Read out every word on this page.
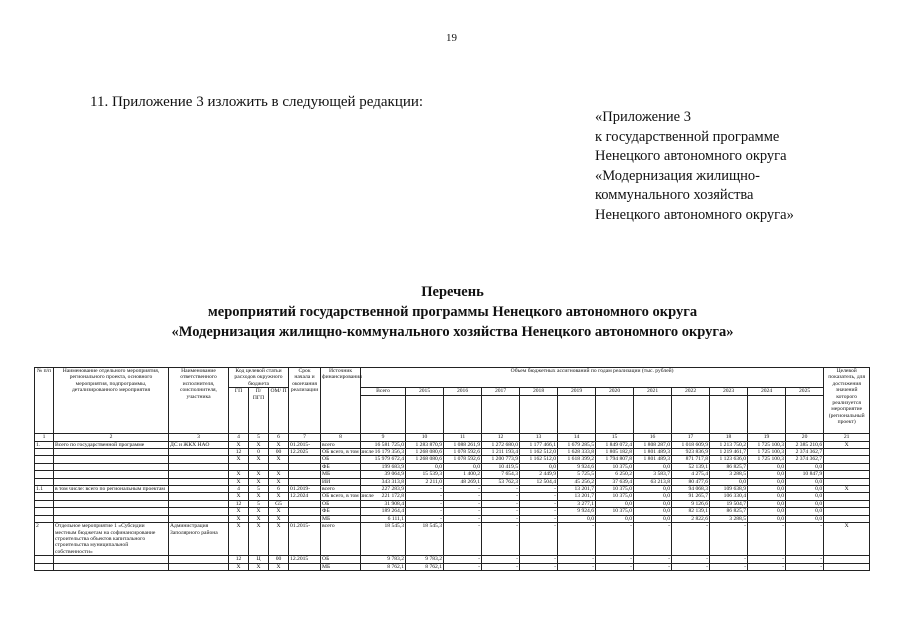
19
11. Приложение 3 изложить в следующей редакции:
«Приложение 3
к государственной программе
Ненецкого автономного округа
«Модернизация жилищно-
коммунального хозяйства
Ненецкого автономного округа»
Перечень
мероприятий государственной программы Ненецкого автономного округа
«Модернизация жилищно-коммунального хозяйства Ненецкого автономного округа»
№ п/п	Наименование отдельного мероприятия, регионального проекта, основного мероприятия, подпрограммы, детализированного мероприятия	Наименование ответственного исполнителя, соисполнителя, участника	Код целевой статьи расходов окружного бюджета			Срок начала и окончания реализации	Источник финансирования	Объем бюджетных ассигнований по годам реализации (тыс. рублей)												Целевой показатель, для достижения значений которого реализуется мероприятие (региональный проект)
			ГП	П/ ПГП	ОМ/ П			Всего	2015	2016	2017	2018	2019	2020	2021	2022	2023	2024	2025	

1	2	3	4	5	6	7	8	9	10	11	12	13	14	15	16	17	18	19	20	21
1.	Всего по государственной программе	ДС и ЖКХ НАО	Х	Х	Х	01.2015-	всего	16 581 725,0	1 283 870,9	1 088 261,9	1 272 680,0	1 177 466,1	1 679 285,5	1 849 072,4	1 808 287,0	1 018 609,9	1 213 750,2	1 725 100,3	2 385 210,6	Х
			12	0	00	12.2025	ОБ всего, в том числе	16 179 356,3	1 268 080,6	1 078 592,6	1 211 193,4	1 162 512,0	1 628 333,8	1 805 182,8	1 801 489,3	923 836,9	1 219 461,7	1 725 100,3	2 374 362,7	
			Х	Х	Х		ОБ	15 979 672,4	1 268 080,6	1 078 592,6	1 200 773,9	1 162 512,0	1 618 399,2	1 794 807,8	1 801 489,3	871 717,8	1 123 636,0	1 725 100,3	2 374 362,7	
							ФБ	199 683,9	0,0	0,0	10 419,5	0,0	9 924,6	10 375,0	0,0	52 139,1	86 825,7	0,0	0,0	
			Х	Х	Х		МБ	39 064,9	15 539,3	1 400,2	7 654,3	2 449,9	5 725,5	6 250,2	3 583,7	4 275,4	3 288,5	0,0	10 847,9	
			Х	Х	Х		ИИ	343 313,8	2 211,0	48 269,1	53 762,3	12 504,4	45 256,2	37 639,4	63 213,8	80 477,6	0,0	0,0	0,0	
1.1	в том числе: всего по региональным проектам		4	5	6	01.2019-	всего	227 283,9	-	-	-	-	13 201,7	10 375,0	0,0	94 068,3	109 638,9	0,0	0,0	Х
			Х	Х	Х	12.2024	ОБ всего, в том числе	221 172,8	-	-	-	-	13 201,7	10 375,0	0,0	91 265,7	106 330,4	0,0	0,0	
			12	5	G5		ОБ	31 908,4	-	-	-	-	3 277,1	0,0	0,0	9 126,6	19 504,7	0,0	0,0	
			Х	Х	Х		ФБ	189 264,4	-	-	-	-	9 924,6	10 375,0	0,0	82 139,1	86 825,7	0,0	0,0	
			Х	Х	Х		МБ	6 111,1	-	-	-	-	0,0	0,0	0,0	2 822,6	3 288,5	0,0	0,0	
2	Отдельное мероприятие 1 «Субсидии местным бюджетам на софинансирование строительства объектов капитального строительства муниципальной собственности»	Администрация Заполярного района	Х	Х	Х	01.2015-	всего	18 545,3	18 545,3	-	-	-	-	-	-	-	-	-	-	Х
			12	Ц	00	12.2015	ОБ	9 783,2	9 783,2	-	-	-	-	-	-	-	-	-	-	
			Х	Х	Х		МБ	8 762,1	8 762,1	-	-	-	-	-	-	-	-	-	-	
